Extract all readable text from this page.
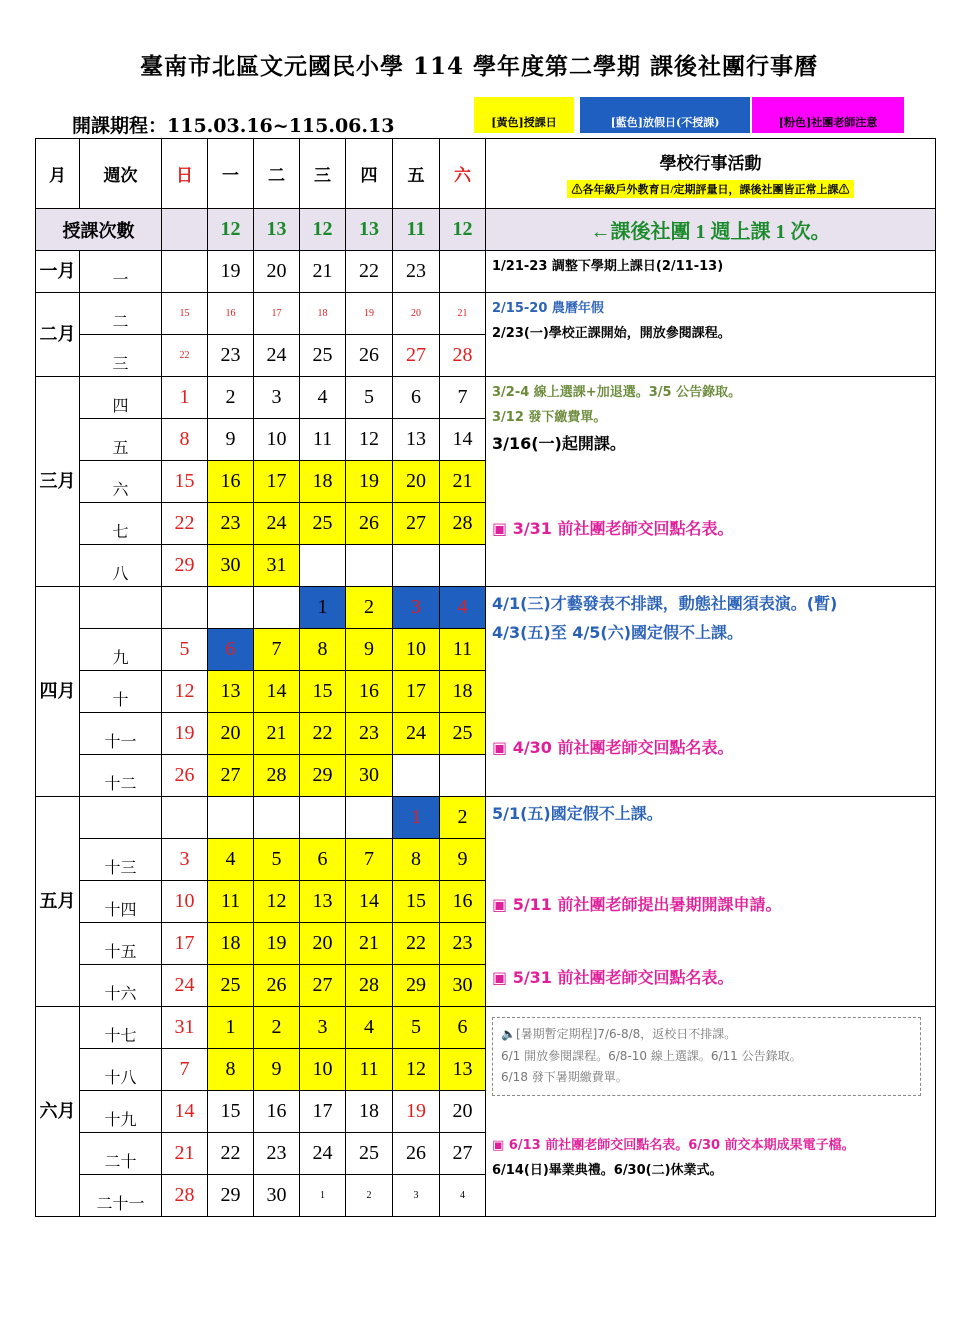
臺南市北區文元國民小學 114 學年度第二學期 課後社團行事曆
開課期程：115.03.16~115.06.13	[黃色]授課日	[藍色]放假日(不授課)	[粉色]社團老師注意
月	週次	日	一	二	三	四	五	六	學校行事活動
⚠各年級戶外教育日/定期評量日，課後社團皆正常上課⚠
授課次數			12	13	12	13	11	12	←課後社團 1 週上課 1 次。
一月	一		19	20	21	22	23		1/21-23 調整下學期上課日(2/11-13)
二月	二	15	16	17	18	19	20	21	2/15-20 農曆年假
2/23(一)學校正課開始，開放參閱課程。

	三	22	23	24	25	26	27	28	
三月	四	1	2	3	4	5	6	7	3/2-4 線上選課+加退選。3/5 公告錄取。
3/12 發下繳費單。
3/16(一)起開課。
▣ 3/31 前社團老師交回點名表。

	五	8	9	10	11	12	13	14	
	六	15	16	17	18	19	20	21	
	七	22	23	24	25	26	27	28	
	八	29	30	31					
四月					1	2	3	4	4/1(三)才藝發表不排課，動態社團須表演。(暫)
4/3(五)至 4/5(六)國定假不上課。
▣ 4/30 前社團老師交回點名表。

	九	5	6	7	8	9	10	11	
	十	12	13	14	15	16	17	18	
	十一	19	20	21	22	23	24	25	
	十二	26	27	28	29	30			
五月							1	2	5/1(五)國定假不上課。
▣ 5/11 前社團老師提出暑期開課申請。
▣ 5/31 前社團老師交回點名表。

	十三	3	4	5	6	7	8	9	
	十四	10	11	12	13	14	15	16	
	十五	17	18	19	20	21	22	23	
	十六	24	25	26	27	28	29	30	
六月	十七	31	1	2	3	4	5	6	🔈[暑期暫定期程]7/6-8/8，返校日不排課。
6/1 開放參閱課程。6/8-10 線上選課。6/11 公告錄取。
6/18 發下暑期繳費單。
▣ 6/13 前社團老師交回點名表。6/30 前交本期成果電子檔。
6/14(日)畢業典禮。6/30(二)休業式。

	十八	7	8	9	10	11	12	13	
	十九	14	15	16	17	18	19	20	
	二十	21	22	23	24	25	26	27	
	二十一	28	29	30	1	2	3	4	
